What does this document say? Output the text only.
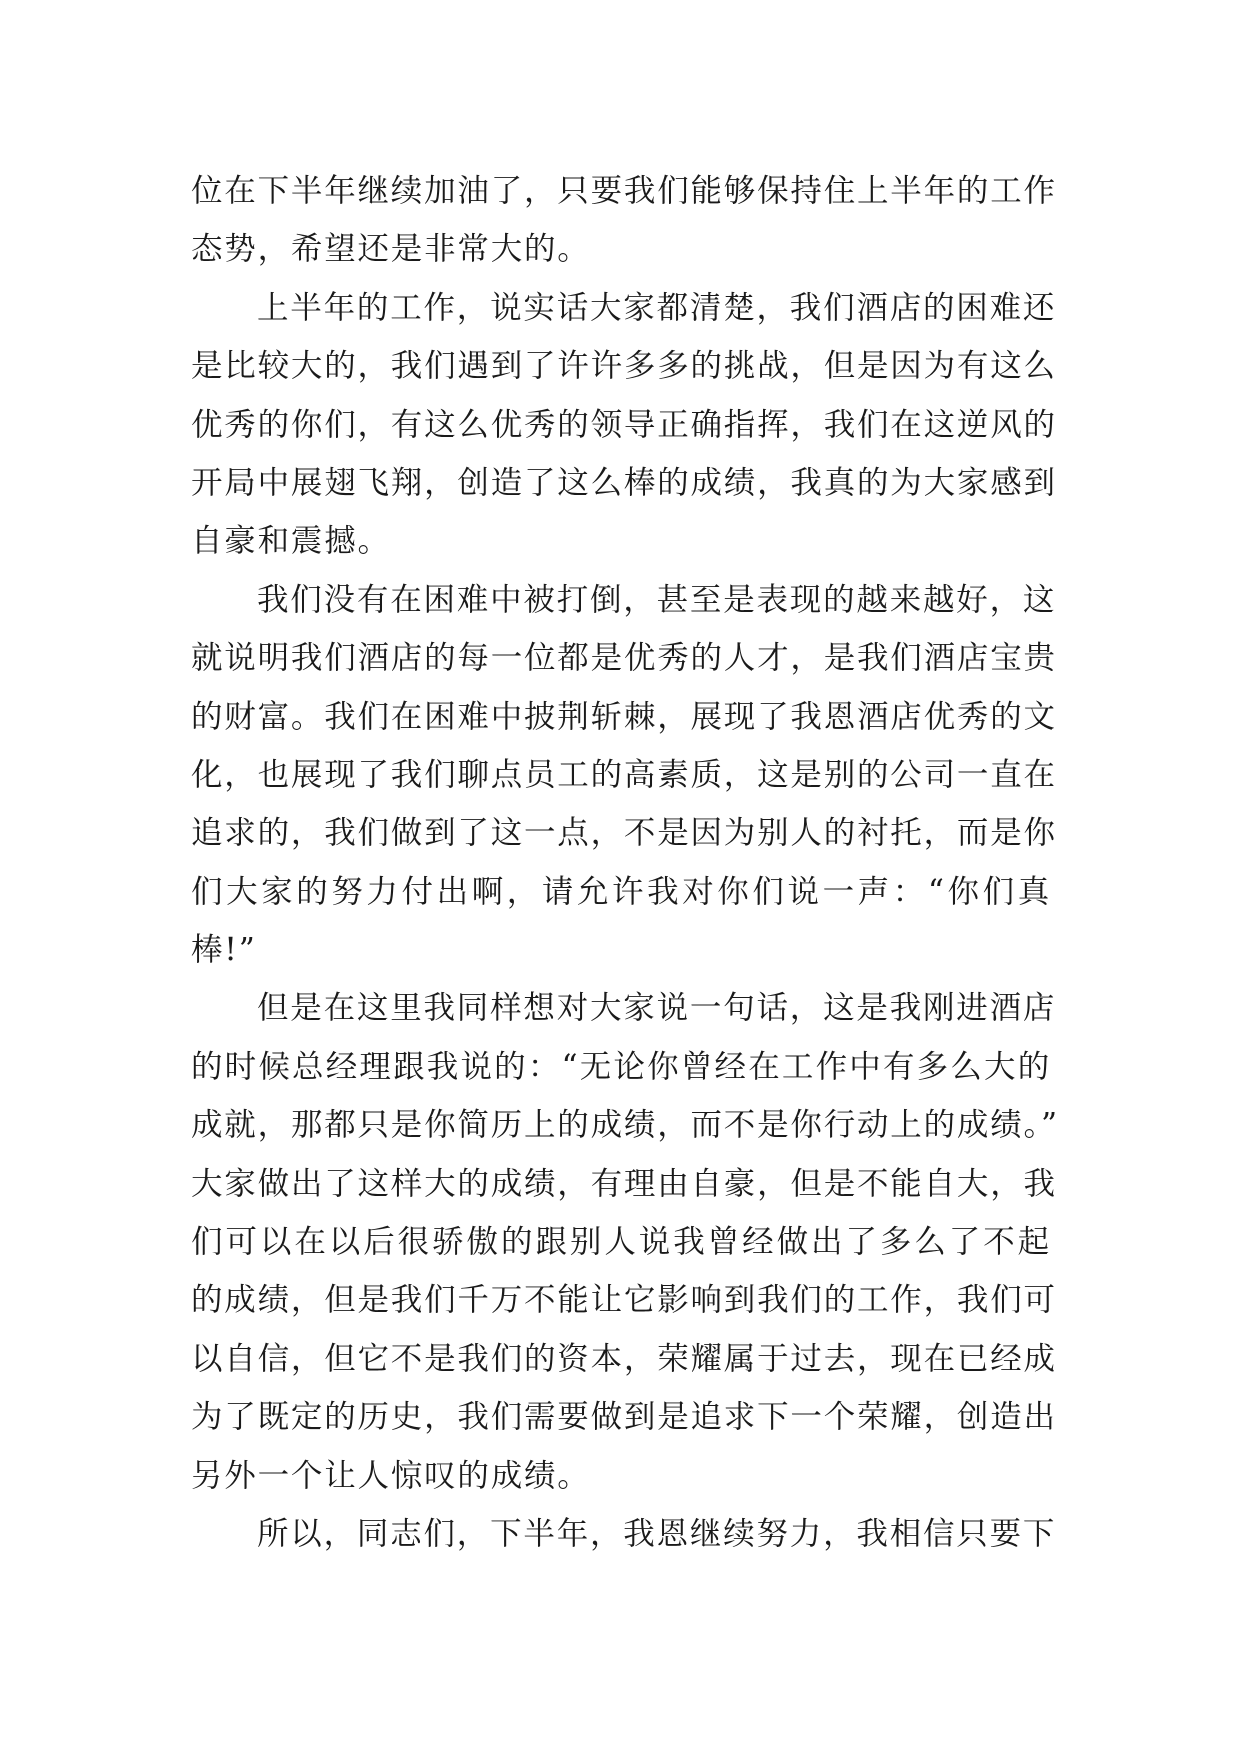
位在下半年继续加油了，只要我们能够保持住上半年的工作
态势，希望还是非常大的。
上半年的工作，说实话大家都清楚，我们酒店的困难还
是比较大的，我们遇到了许许多多的挑战，但是因为有这么
优秀的你们，有这么优秀的领导正确指挥，我们在这逆风的
开局中展翅飞翔，创造了这么棒的成绩，我真的为大家感到
自豪和震撼。
我们没有在困难中被打倒，甚至是表现的越来越好，这
就说明我们酒店的每一位都是优秀的人才，是我们酒店宝贵
的财富。我们在困难中披荆斩棘，展现了我恩酒店优秀的文
化，也展现了我们聊点员工的高素质，这是别的公司一直在
追求的，我们做到了这一点，不是因为别人的衬托，而是你
们大家的努力付出啊，请允许我对你们说一声：“你们真
棒!”
但是在这里我同样想对大家说一句话，这是我刚进酒店
的时候总经理跟我说的：“无论你曾经在工作中有多么大的
成就，那都只是你简历上的成绩，而不是你行动上的成绩。”
大家做出了这样大的成绩，有理由自豪，但是不能自大，我
们可以在以后很骄傲的跟别人说我曾经做出了多么了不起
的成绩，但是我们千万不能让它影响到我们的工作，我们可
以自信，但它不是我们的资本，荣耀属于过去，现在已经成
为了既定的历史，我们需要做到是追求下一个荣耀，创造出
另外一个让人惊叹的成绩。
所以，同志们，下半年，我恩继续努力，我相信只要下
